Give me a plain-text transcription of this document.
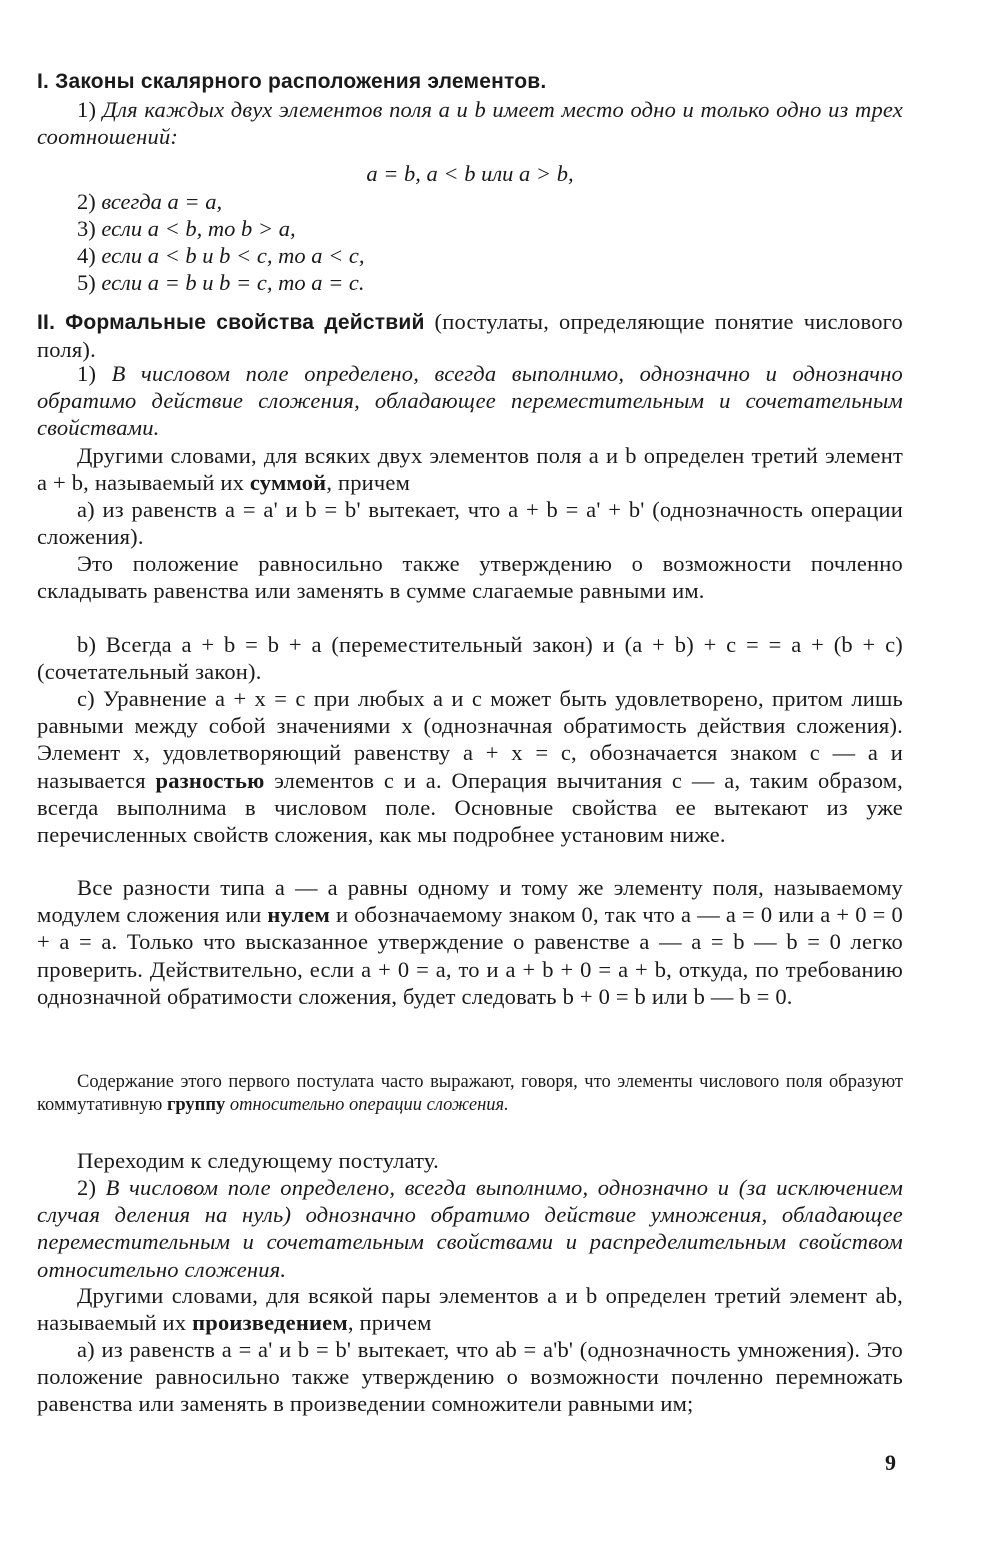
I. Законы скалярного расположения элементов.
1) Для каждых двух элементов поля a и b имеет место одно и только одно из трех соотношений:
a = b, a < b или a > b,
2) всегда a = a,
3) если a < b, то b > a,
4) если a < b и b < c, то a < c,
5) если a = b и b = c, то a = c.
II. Формальные свойства действий (постулаты, определяющие понятие числового поля).
1) В числовом поле определено, всегда выполнимо, однозначно и однозначно обратимо действие сложения, обладающее переместительным и сочетательным свойствами.
Другими словами, для всяких двух элементов поля a и b определен третий элемент a + b, называемый их суммой, причем
a) из равенств a = a' и b = b' вытекает, что a + b = a' + b' (однозначность операции сложения).
Это положение равносильно также утверждению о возможности почленно складывать равенства или заменять в сумме слагаемые равными им.
b) Всегда a + b = b + a (переместительный закон) и (a + b) + c = = a + (b + c) (сочетательный закон).
c) Уравнение a + x = c при любых a и c может быть удовлетворено, притом лишь равными между собой значениями x (однозначная обратимость действия сложения). Элемент x, удовлетворяющий равенству a + x = c, обозначается знаком c — a и называется разностью элементов c и a. Операция вычитания c — a, таким образом, всегда выполнима в числовом поле. Основные свойства ее вытекают из уже перечисленных свойств сложения, как мы подробнее установим ниже.
Все разности типа a — a равны одному и тому же элементу поля, называемому модулем сложения или нулем и обозначаемому знаком 0, так что a — a = 0 или a + 0 = 0 + a = a. Только что высказанное утверждение о равенстве a — a = b — b = 0 легко проверить. Действительно, если a + 0 = a, то и a + b + 0 = a + b, откуда, по требованию однозначной обратимости сложения, будет следовать b + 0 = b или b — b = 0.
Содержание этого первого постулата часто выражают, говоря, что элементы числового поля образуют коммутативную группу относительно операции сложения.
Переходим к следующему постулату.
2) В числовом поле определено, всегда выполнимо, однозначно и (за исключением случая деления на нуль) однозначно обратимо действие умножения, обладающее переместительным и сочетательным свойствами и распределительным свойством относительно сложения.
Другими словами, для всякой пары элементов a и b определен третий элемент ab, называемый их произведением, причем
a) из равенств a = a' и b = b' вытекает, что ab = a'b' (однозначность умножения). Это положение равносильно также утверждению о возможности почленно перемножать равенства или заменять в произведении сомножители равными им;
9
